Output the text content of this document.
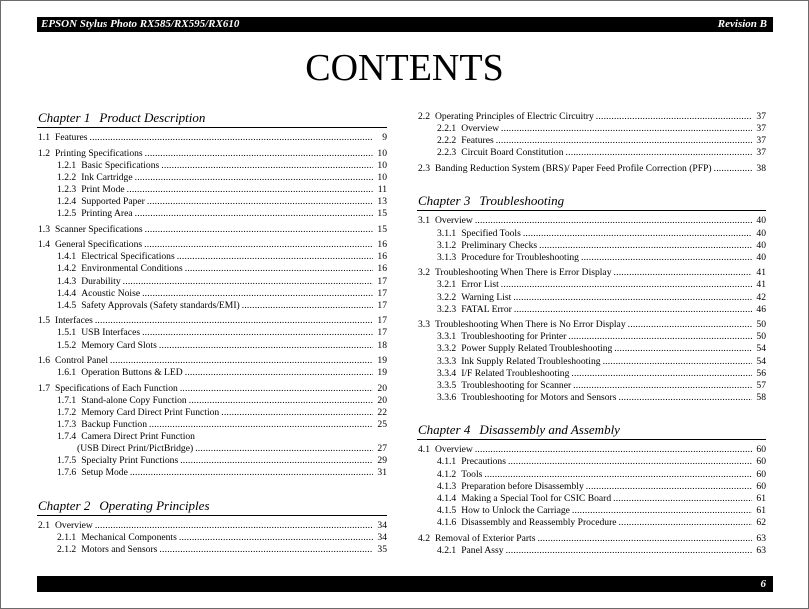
EPSON Stylus Photo RX585/RX595/RX610	Revision B
CONTENTS
Chapter 1 Product Description
1.1 Features .....	9
1.2 Printing Specifications .....	10
1.2.1 Basic Specifications .....	10
1.2.2 Ink Cartridge .....	10
1.2.3 Print Mode .....	11
1.2.4 Supported Paper .....	13
1.2.5 Printing Area .....	15
1.3 Scanner Specifications .....	15
1.4 General Specifications .....	16
1.4.1 Electrical Specifications .....	16
1.4.2 Environmental Conditions .....	16
1.4.3 Durability .....	17
1.4.4 Acoustic Noise .....	17
1.4.5 Safety Approvals (Safety standards/EMI) .....	17
1.5 Interfaces .....	17
1.5.1 USB Interfaces .....	17
1.5.2 Memory Card Slots .....	18
1.6 Control Panel .....	19
1.6.1 Operation Buttons & LED .....	19
1.7 Specifications of Each Function .....	20
1.7.1 Stand-alone Copy Function .....	20
1.7.2 Memory Card Direct Print Function .....	22
1.7.3 Backup Function .....	25
1.7.4 Camera Direct Print Function
(USB Direct Print/PictBridge) .....	27
1.7.5 Specialty Print Functions .....	29
1.7.6 Setup Mode .....	31
Chapter 2 Operating Principles
2.1 Overview .....	34
2.1.1 Mechanical Components .....	34
2.1.2 Motors and Sensors .....	35
2.2 Operating Principles of Electric Circuitry .....	37
2.2.1 Overview .....	37
2.2.2 Features .....	37
2.2.3 Circuit Board Constitution .....	37
2.3 Banding Reduction System (BRS)/ Paper Feed Profile Correction (PFP) .....	38
Chapter 3 Troubleshooting
3.1 Overview .....	40
3.1.1 Specified Tools .....	40
3.1.2 Preliminary Checks .....	40
3.1.3 Procedure for Troubleshooting .....	40
3.2 Troubleshooting When There is Error Display .....	41
3.2.1 Error List .....	41
3.2.2 Warning List .....	42
3.2.3 FATAL Error .....	46
3.3 Troubleshooting When There is No Error Display .....	50
3.3.1 Troubleshooting for Printer .....	50
3.3.2 Power Supply Related Troubleshooting .....	54
3.3.3 Ink Supply Related Troubleshooting .....	54
3.3.4 I/F Related Troubleshooting .....	56
3.3.5 Troubleshooting for Scanner .....	57
3.3.6 Troubleshooting for Motors and Sensors .....	58
Chapter 4 Disassembly and Assembly
4.1 Overview .....	60
4.1.1 Precautions .....	60
4.1.2 Tools .....	60
4.1.3 Preparation before Disassembly .....	60
4.1.4 Making a Special Tool for CSIC Board .....	61
4.1.5 How to Unlock the Carriage .....	61
4.1.6 Disassembly and Reassembly Procedure .....	62
4.2 Removal of Exterior Parts .....	63
4.2.1 Panel Assy .....	63
6
